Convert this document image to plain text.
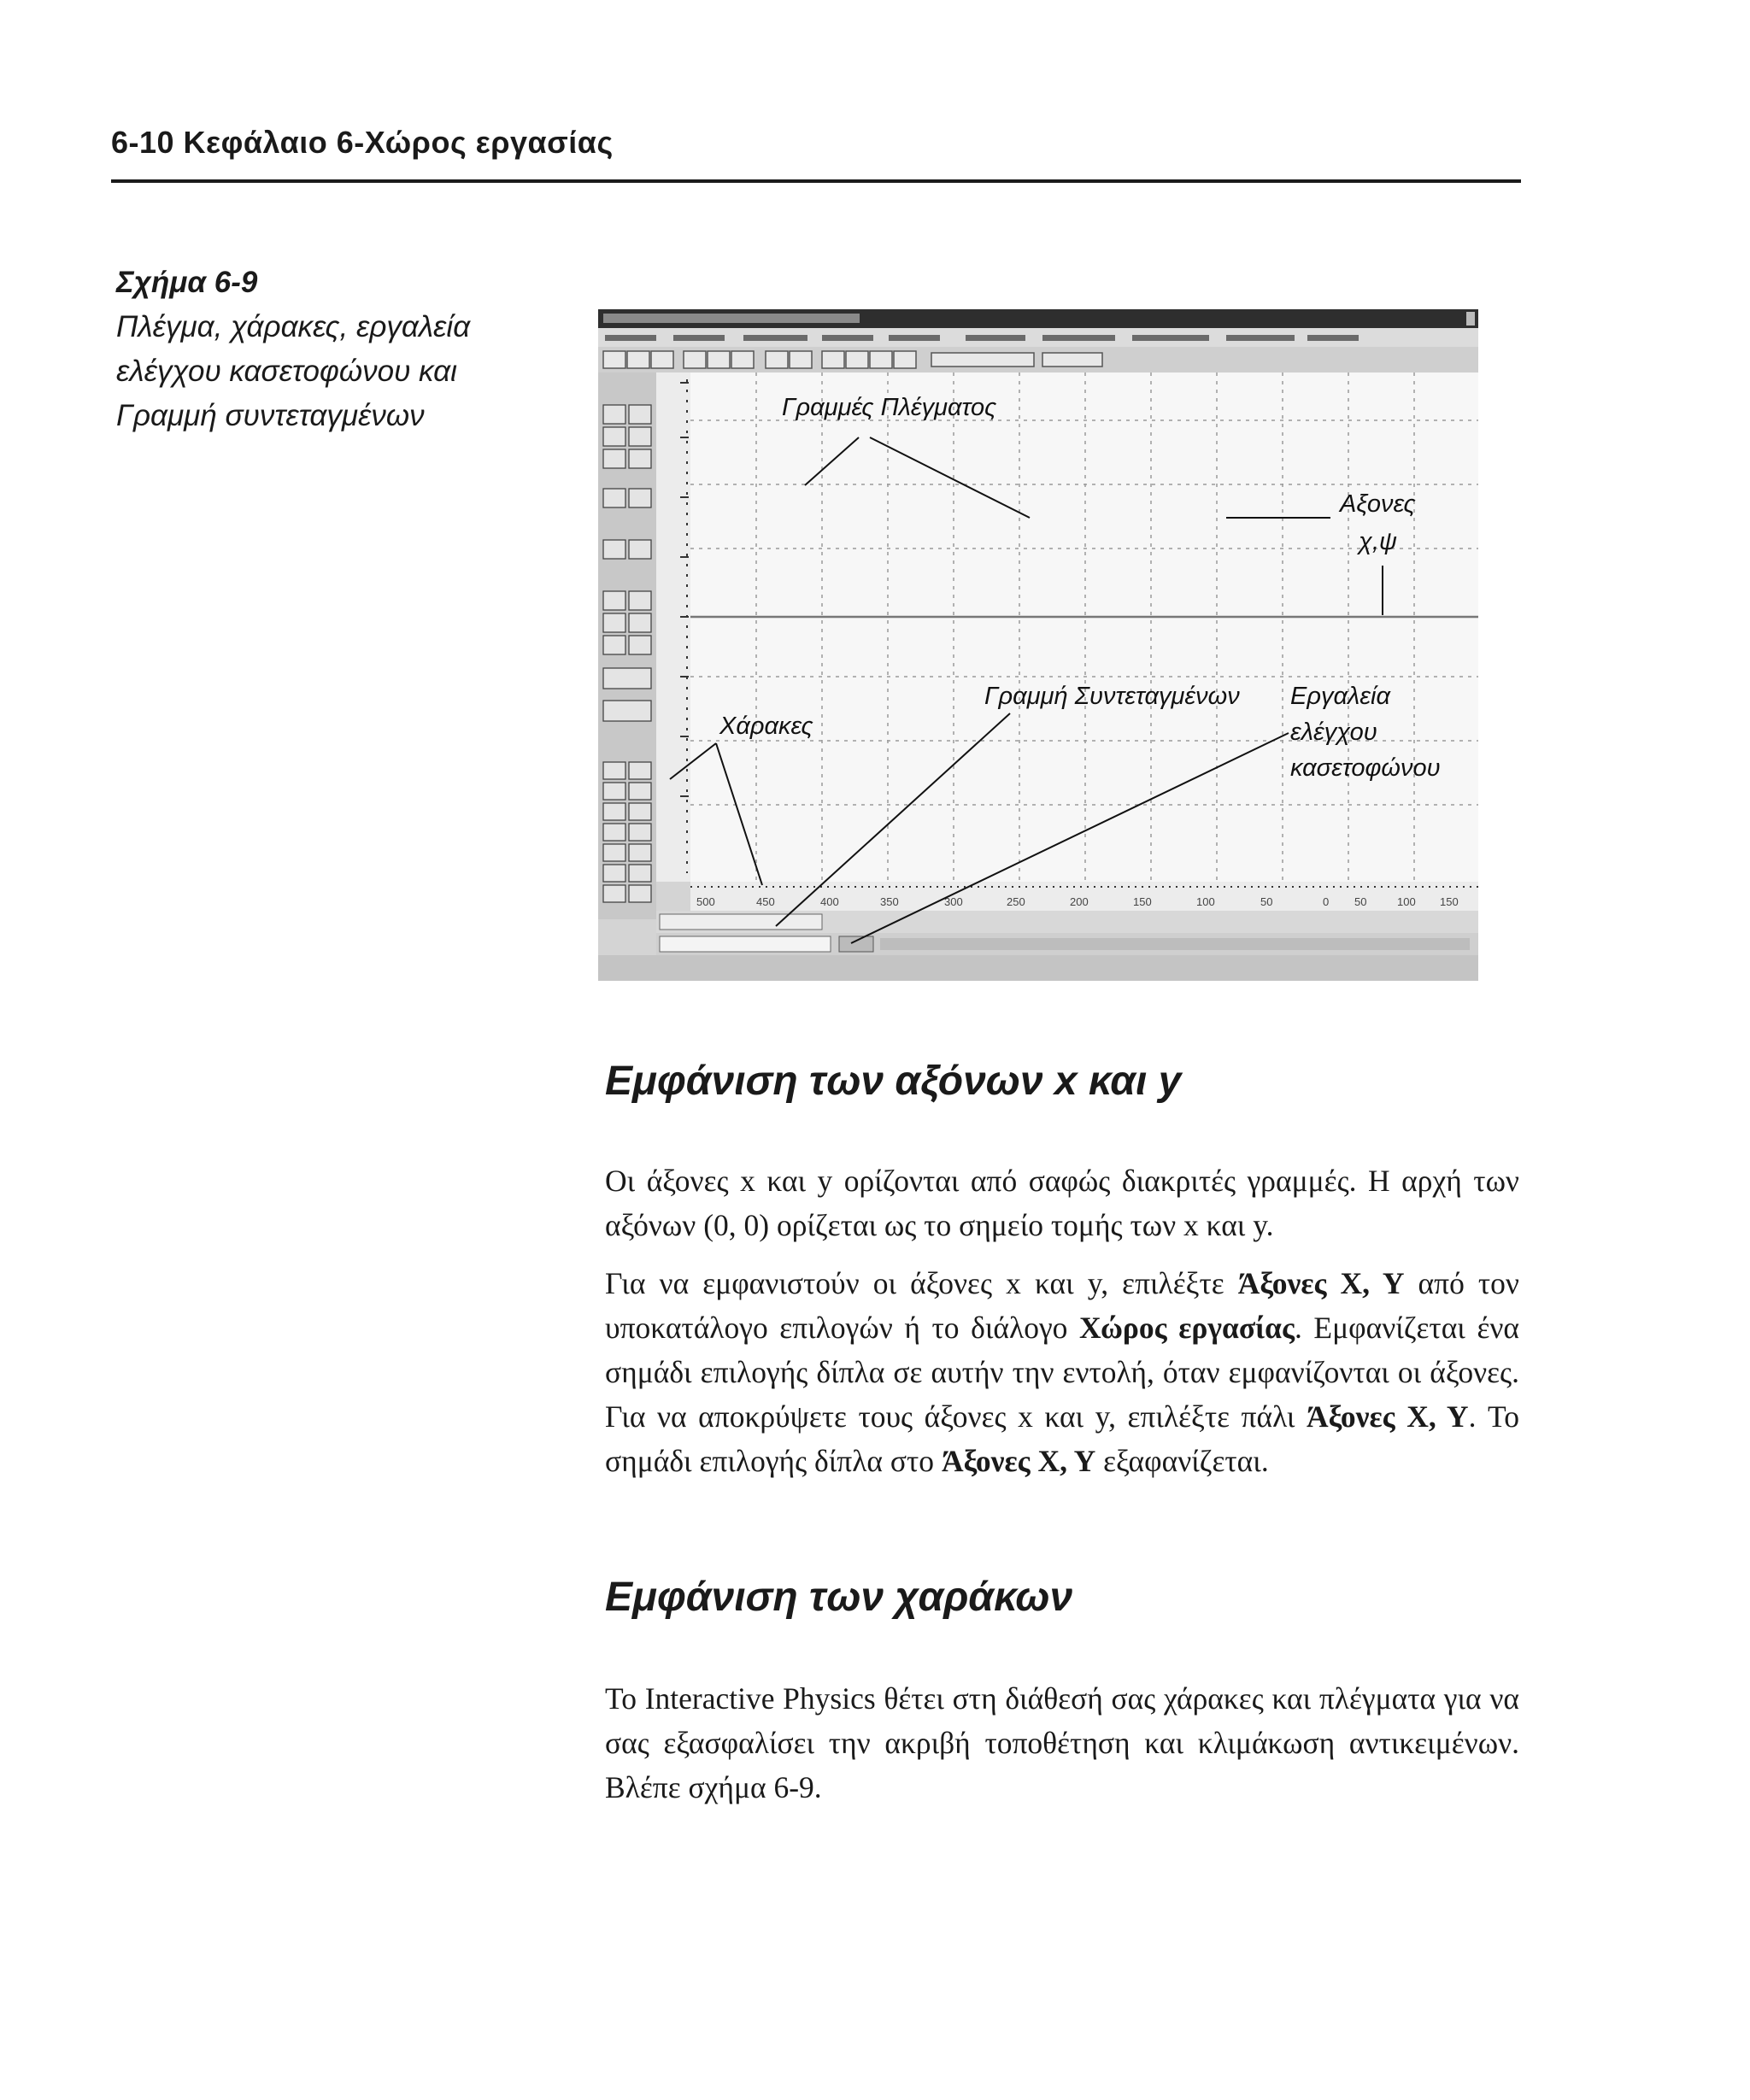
6-10 Κεφάλαιο 6-Χώρος εργασίας
Σχήμα 6-9
Πλέγμα, χάρακες, εργαλεία
ελέγχου κασετοφώνου και
Γραμμή συντεταγμένων
500	450	400	350	300	250	200	150	100	50	0 50	100 150
Γραμμές Πλέγματος
Αξονες
χ,ψ
Χάρακες
Γραμμή Συντεταγμένων Εργαλεία
ελέγχου
κασετοφώνου
Εμφάνιση των αξόνων x και y

Οι άξονες x και y ορίζονται από σαφώς διακριτές γραμμές. Η αρχή των αξόνων (0, 0) ορίζεται ως το σημείο τομής των x και y.

Για να εμφανιστούν οι άξονες x και y, επιλέξτε Άξονες X, Y από τον υποκατάλογο επιλογών ή το διάλογο Χώρος εργασίας. Εμφανίζεται ένα σημάδι επιλογής δίπλα σε αυτήν την εντολή, όταν εμφανίζονται οι άξονες. Για να αποκρύψετε τους άξονες x και y, επιλέξτε πάλι Άξονες X, Y. Το σημάδι επιλογής δίπλα στο Άξονες X, Y εξαφανίζεται.

Εμφάνιση των χαράκων

Το Interactive Physics θέτει στη διάθεσή σας χάρακες και πλέγματα για να σας εξασφαλίσει την ακριβή τοποθέτηση και κλιμάκωση αντικειμένων. Βλέπε σχήμα 6-9.
